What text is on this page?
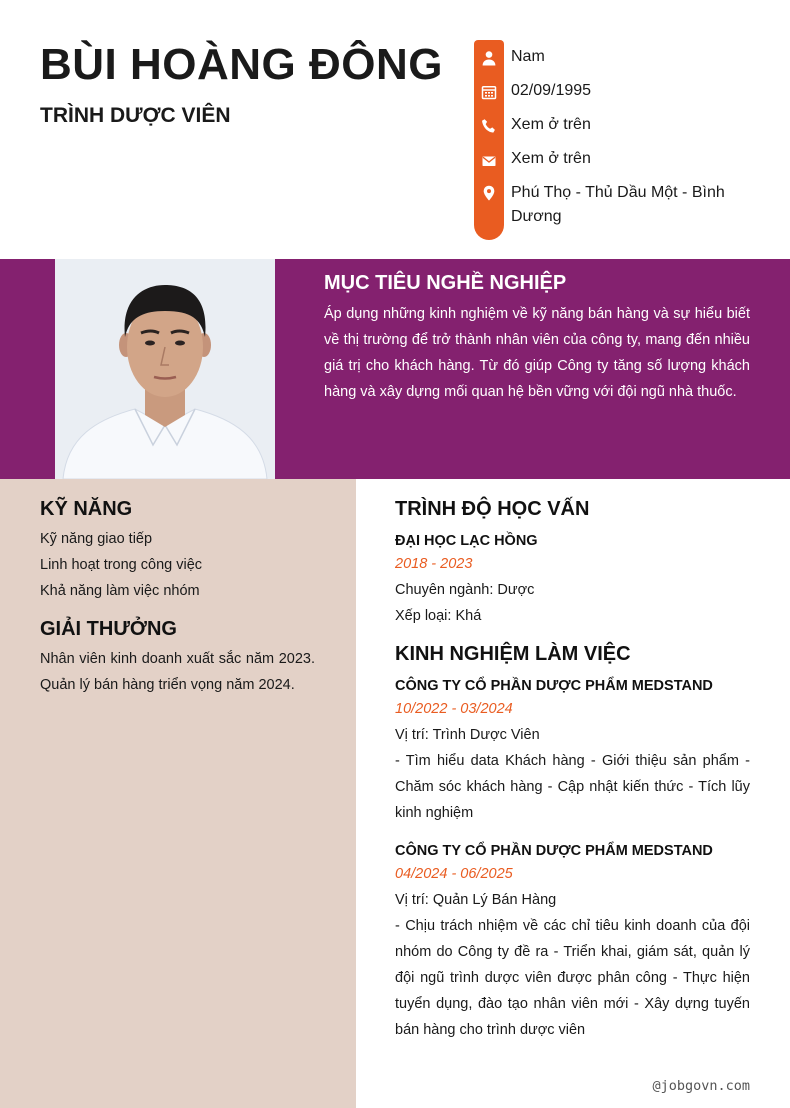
BÙI HOÀNG ĐÔNG
TRÌNH DƯỢC VIÊN
Nam
02/09/1995
Xem ở trên
Xem ở trên
Phú Thọ - Thủ Dầu Một - Bình Dương
MỤC TIÊU NGHỀ NGHIỆP
Áp dụng những kinh nghiệm về kỹ năng bán hàng và sự hiểu biết về thị trường để trở thành nhân viên của công ty, mang đến nhiều giá trị cho khách hàng. Từ đó giúp Công ty tăng số lượng khách hàng và xây dựng mối quan hệ bền vững với đội ngũ nhà thuốc.
KỸ NĂNG
Kỹ năng giao tiếp
Linh hoạt trong công việc
Khả năng làm việc nhóm
GIẢI THƯỞNG
Nhân viên kinh doanh xuất sắc năm 2023.
Quản lý bán hàng triển vọng năm 2024.
TRÌNH ĐỘ HỌC VẤN
ĐẠI HỌC LẠC HỒNG
2018 - 2023
Chuyên ngành: Dược
Xếp loại: Khá
KINH NGHIỆM LÀM VIỆC
CÔNG TY CỔ PHẦN DƯỢC PHẨM MEDSTAND
10/2022 - 03/2024
Vị trí: Trình Dược Viên
- Tìm hiểu data Khách hàng - Giới thiệu sản phẩm - Chăm sóc khách hàng - Cập nhật kiến thức - Tích lũy kinh nghiệm
CÔNG TY CỔ PHẦN DƯỢC PHẨM MEDSTAND
04/2024 - 06/2025
Vị trí: Quản Lý Bán Hàng
- Chịu trách nhiệm về các chỉ tiêu kinh doanh của đội nhóm do Công ty đề ra - Triển khai, giám sát, quản lý đội ngũ trình dược viên được phân công - Thực hiện tuyển dụng, đào tạo nhân viên mới - Xây dựng tuyến bán hàng cho trình dược viên
@jobgovn.com
